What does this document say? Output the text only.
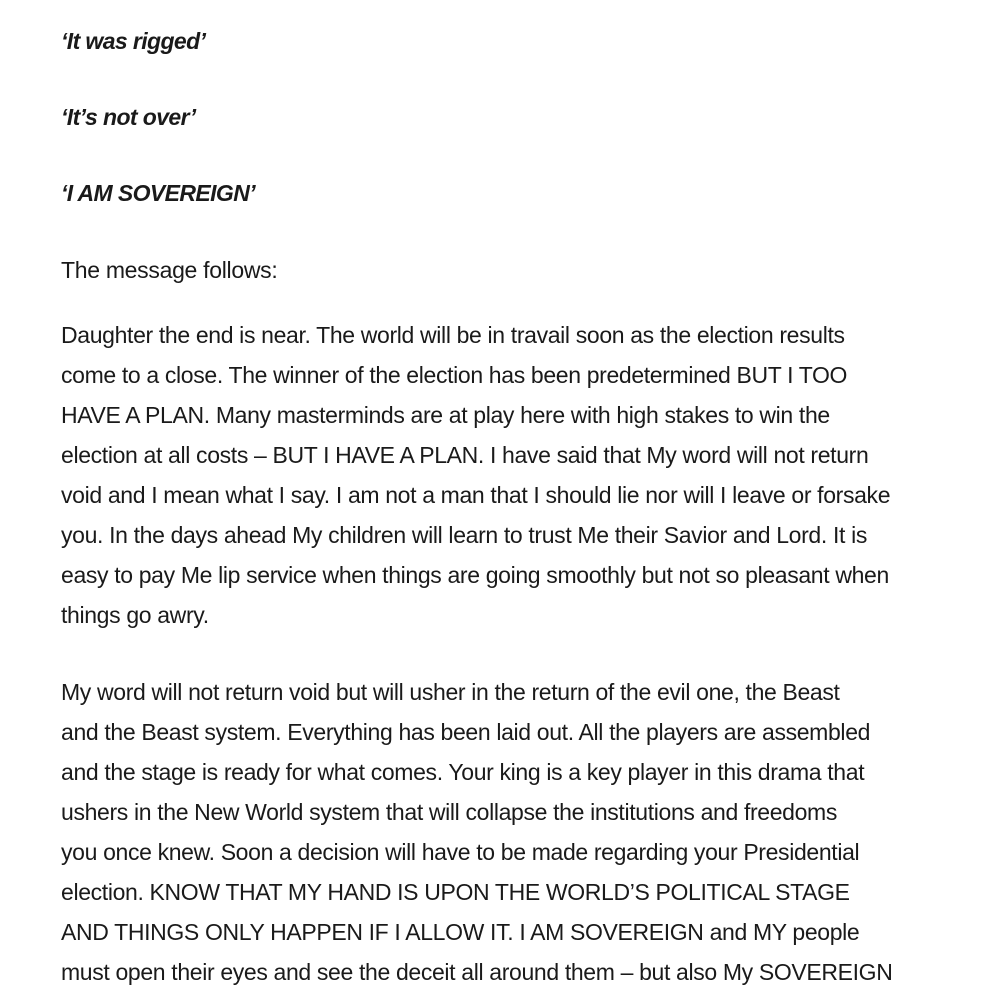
‘It was rigged’
‘It’s not over’
‘I AM SOVEREIGN’
The message follows:
Daughter the end is near. The world will be in travail soon as the election results
come to a close. The winner of the election has been predetermined BUT I TOO
HAVE A PLAN. Many masterminds are at play here with high stakes to win the
election at all costs – BUT I HAVE A PLAN. I have said that My word will not return
void and I mean what I say. I am not a man that I should lie nor will I leave or forsake
you. In the days ahead My children will learn to trust Me their Savior and Lord. It is
easy to pay Me lip service when things are going smoothly but not so pleasant when
things go awry.
My word will not return void but will usher in the return of the evil one, the Beast
and the Beast system. Everything has been laid out. All the players are assembled
and the stage is ready for what comes. Your king is a key player in this drama that
ushers in the New World system that will collapse the institutions and freedoms
you once knew. Soon a decision will have to be made regarding your Presidential
election. KNOW THAT MY HAND IS UPON THE WORLD’S POLITICAL STAGE
AND THINGS ONLY HAPPEN IF I ALLOW IT. I AM SOVEREIGN and MY people
must open their eyes and see the deceit all around them – but also My SOVEREIGN
